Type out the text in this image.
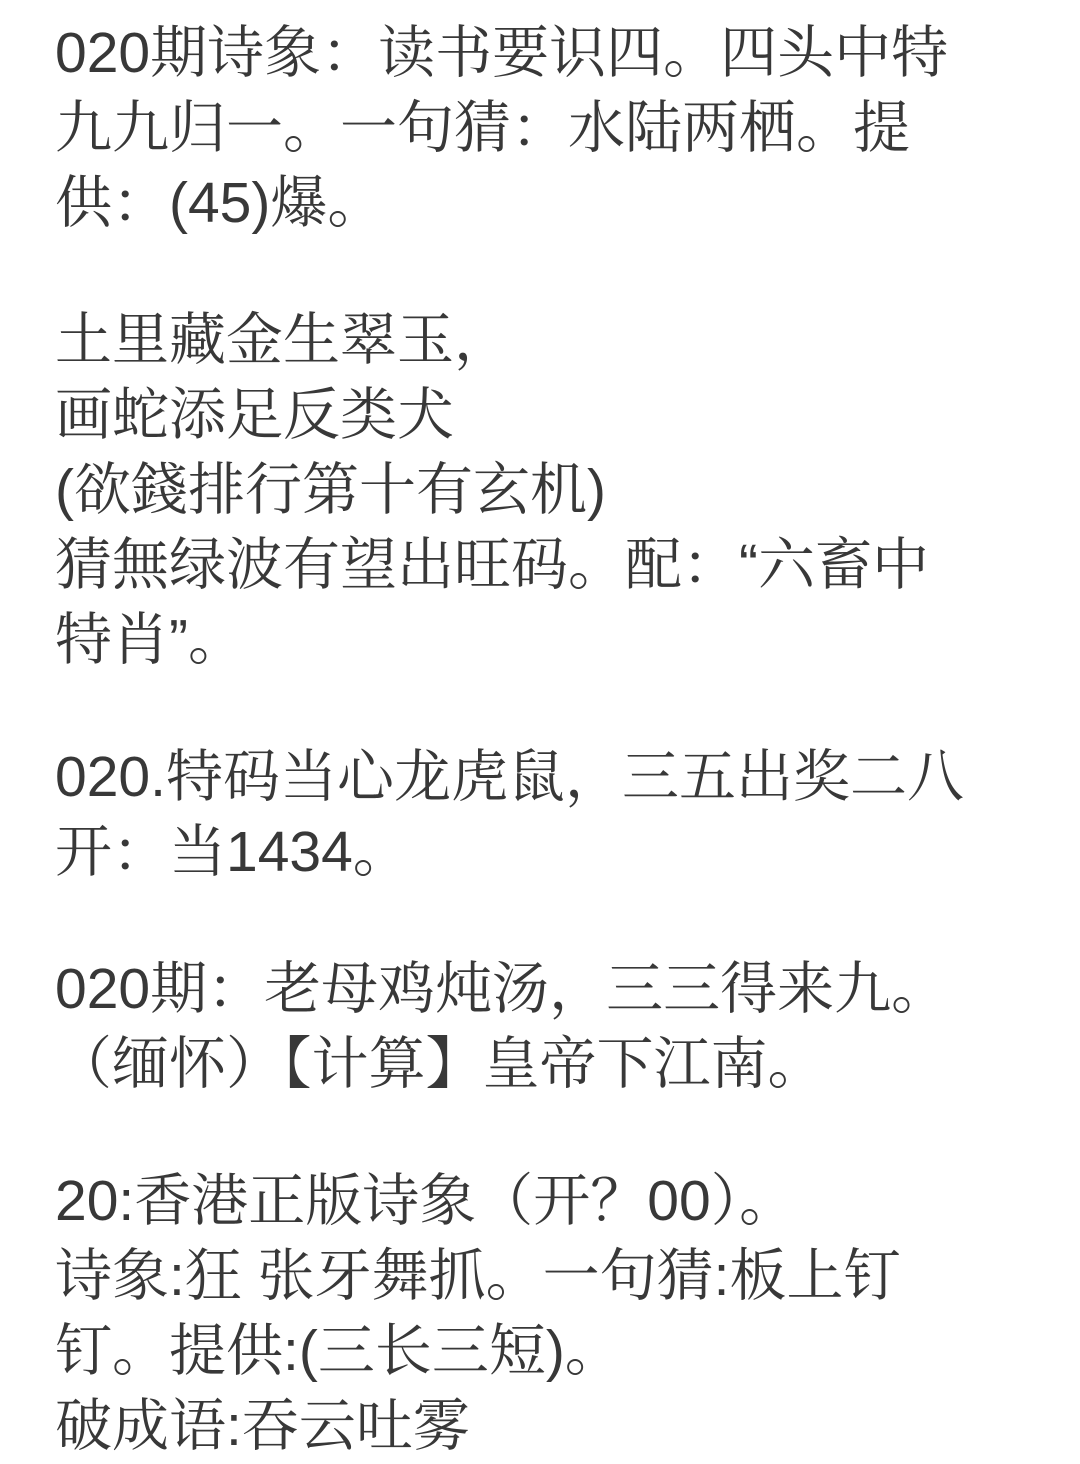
020期诗象：读书要识四。四头中特
九九归一。一句猜：水陆两栖。提
供：(45)爆。
土里藏金生翠玉，
画蛇添足反类犬
(欲錢排行第十有玄机)
猜無绿波有望出旺码。配：“六畜中
特肖”。
020.特码当心龙虎鼠，三五出奖二八
开：当1434。
020期：老母鸡炖汤，三三得来九。
（缅怀）【计算】皇帝下江南。
20:香港正版诗象（开？00）。
诗象:狂 张牙舞抓。一句猜:板上钉
钉。提供:(三长三短)。
破成语:吞云吐雾
